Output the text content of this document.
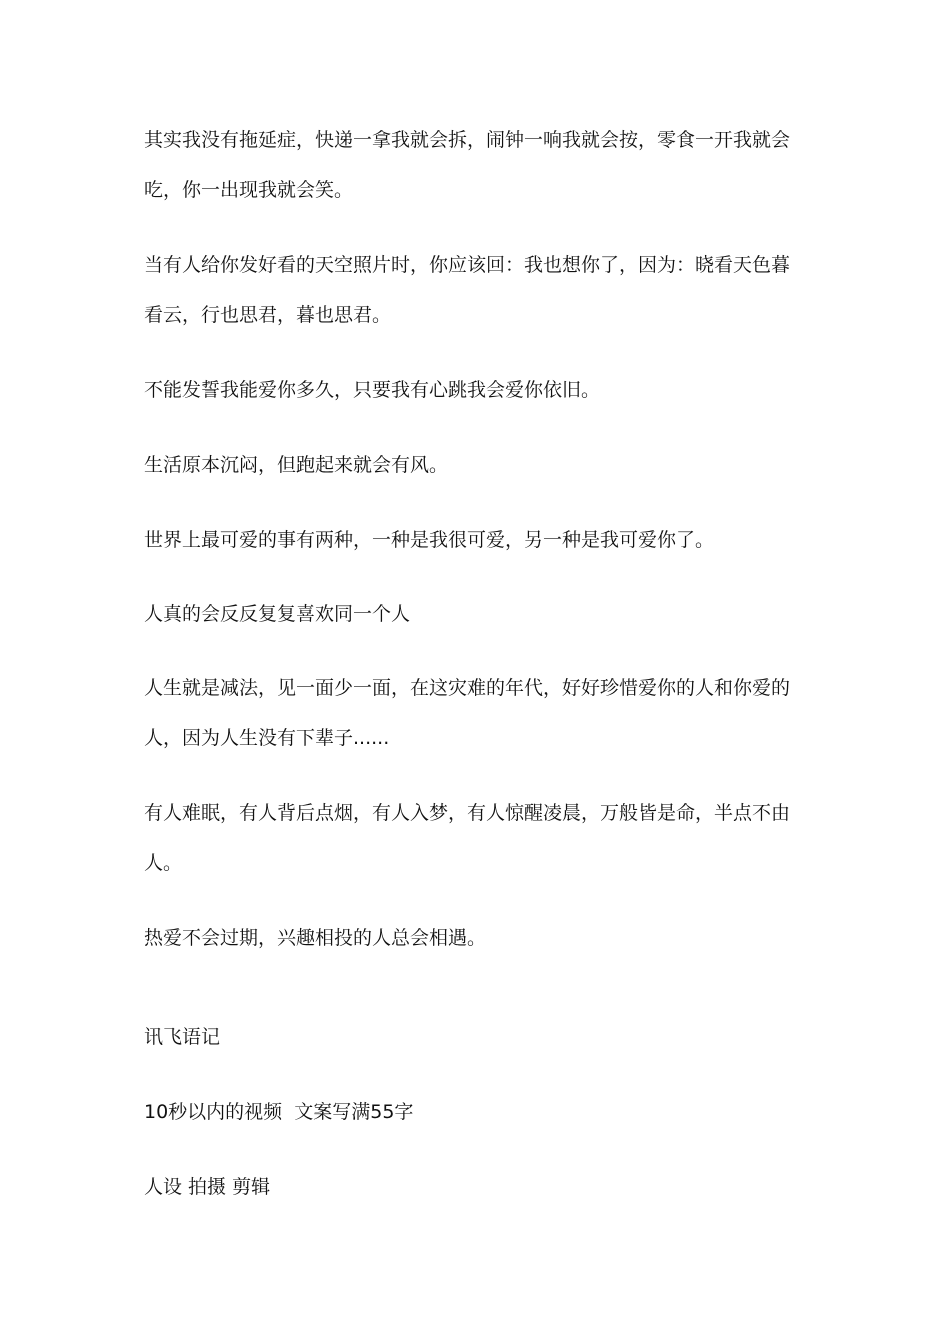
其实我没有拖延症，快递一拿我就会拆，闹钟一响我就会按，零食一开我就会吃，你一出现我就会笑。

当有人给你发好看的天空照片时，你应该回：我也想你了，因为：晓看天色暮看云，行也思君，暮也思君。

不能发誓我能爱你多久，只要我有心跳我会爱你依旧。

生活原本沉闷，但跑起来就会有风。

世界上最可爱的事有两种，一种是我很可爱，另一种是我可爱你了。

人真的会反反复复喜欢同一个人

人生就是减法，见一面少一面，在这灾难的年代，好好珍惜爱你的人和你爱的人，因为人生没有下辈子......

有人难眠，有人背后点烟，有人入梦，有人惊醒凌晨，万般皆是命，半点不由人。

热爱不会过期，兴趣相投的人总会相遇。

讯飞语记

10秒以内的视频  文案写满55字

人设 拍摄 剪辑
